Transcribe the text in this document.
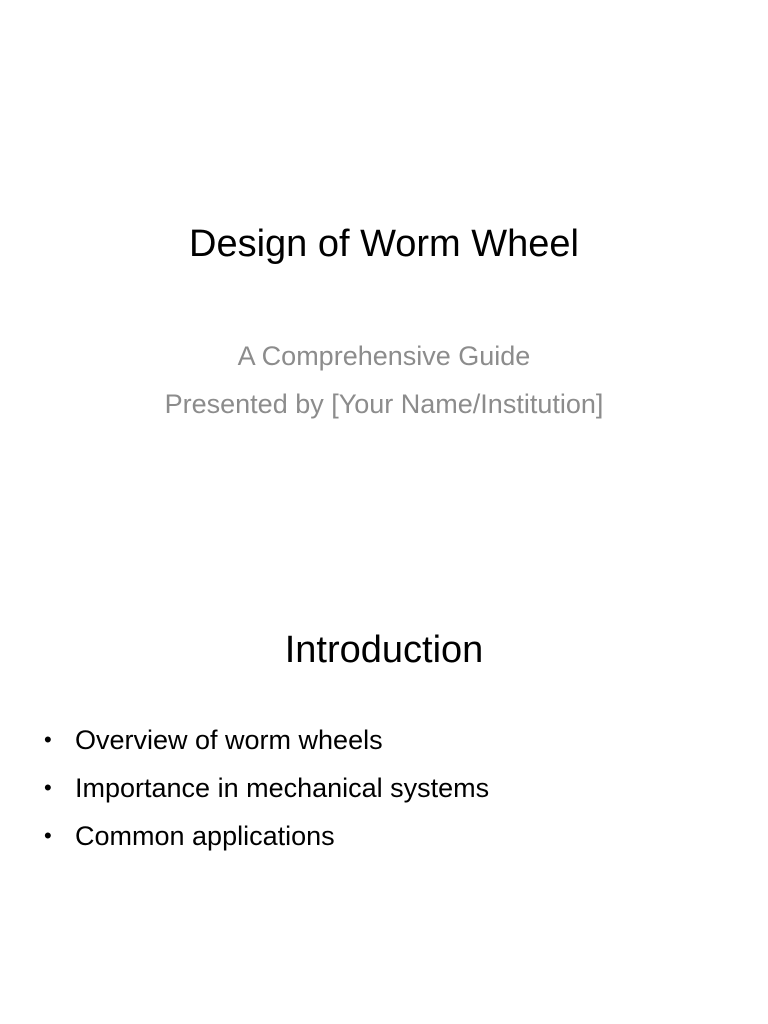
Design of Worm Wheel
A Comprehensive Guide
Presented by [Your Name/Institution]
Introduction
• Overview of worm wheels
• Importance in mechanical systems
• Common applications
